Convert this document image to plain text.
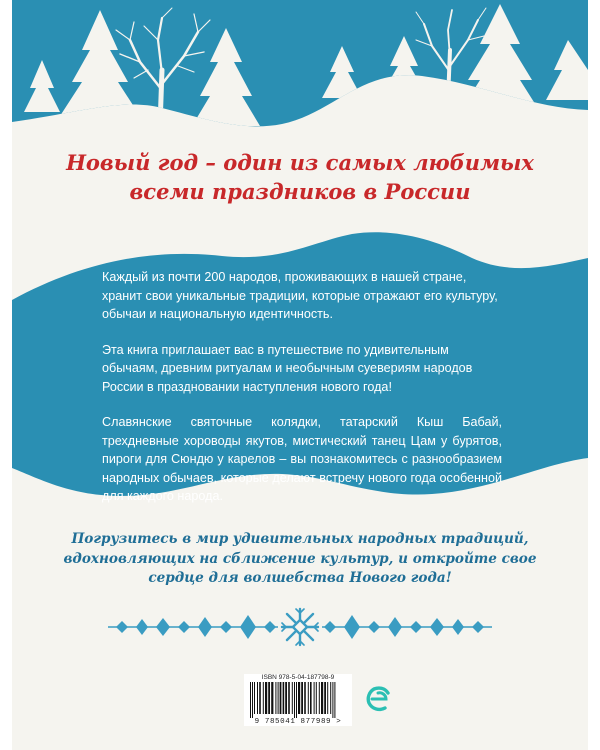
Новый год – один из самых любимых
всеми праздников в России

Каждый из почти 200 народов, проживающих в нашей стране, хранит свои уникальные традиции, которые отражают его культуру, обычаи и национальную идентичность.

Эта книга приглашает вас в путешествие по удивительным обычаям, древним ритуалам и необычным суевериям народов России в праздновании наступления нового года!

Славянские святочные колядки, татарский Кыш Бабай, трехдневные хороводы якутов, мистический танец Цам у бурятов, пироги для Сюндю у карелов – вы познакомитесь с разнообразием народных обычаев, которые делают встречу нового года особенной для каждого народа.

Погрузитесь в мир удивительных народных традиций,
вдохновляющих на сближение культур, и откройте свое
сердце для волшебства Нового года!
ISBN 978-5-04-187798-9
9 785041 877989 >
